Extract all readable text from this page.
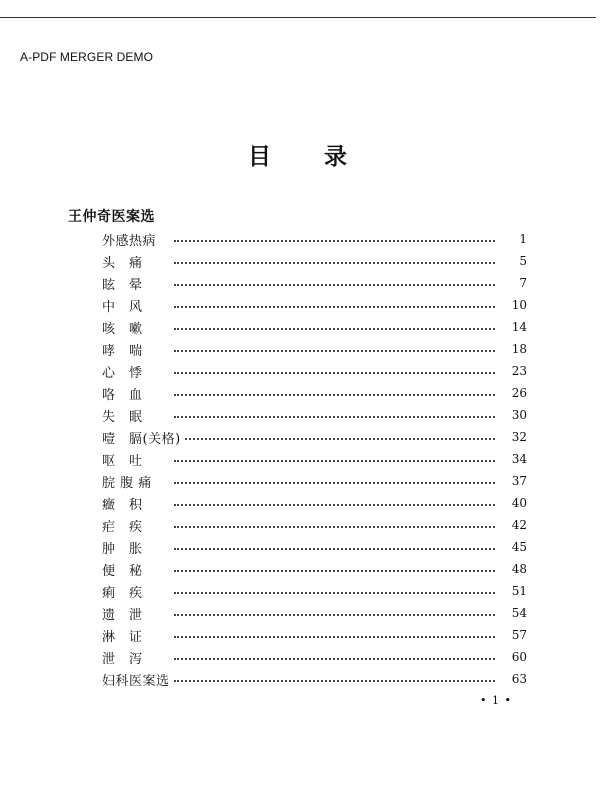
A-PDF MERGER DEMO
目 录
王仲奇医案选
外感热病	1
头　痛	5
眩　晕	7
中　风	10
咳　嗽	14
哮　喘	18
心　悸	23
咯　血	26
失　眠	30
噎　膈(关格)	32
呕　吐	34
脘 腹 痛	37
癥　积	40
疟　疾	42
肿　胀	45
便　秘	48
痢　疾	51
遗　泄	54
淋　证	57
泄　泻	60
妇科医案选	63
• 1 •
